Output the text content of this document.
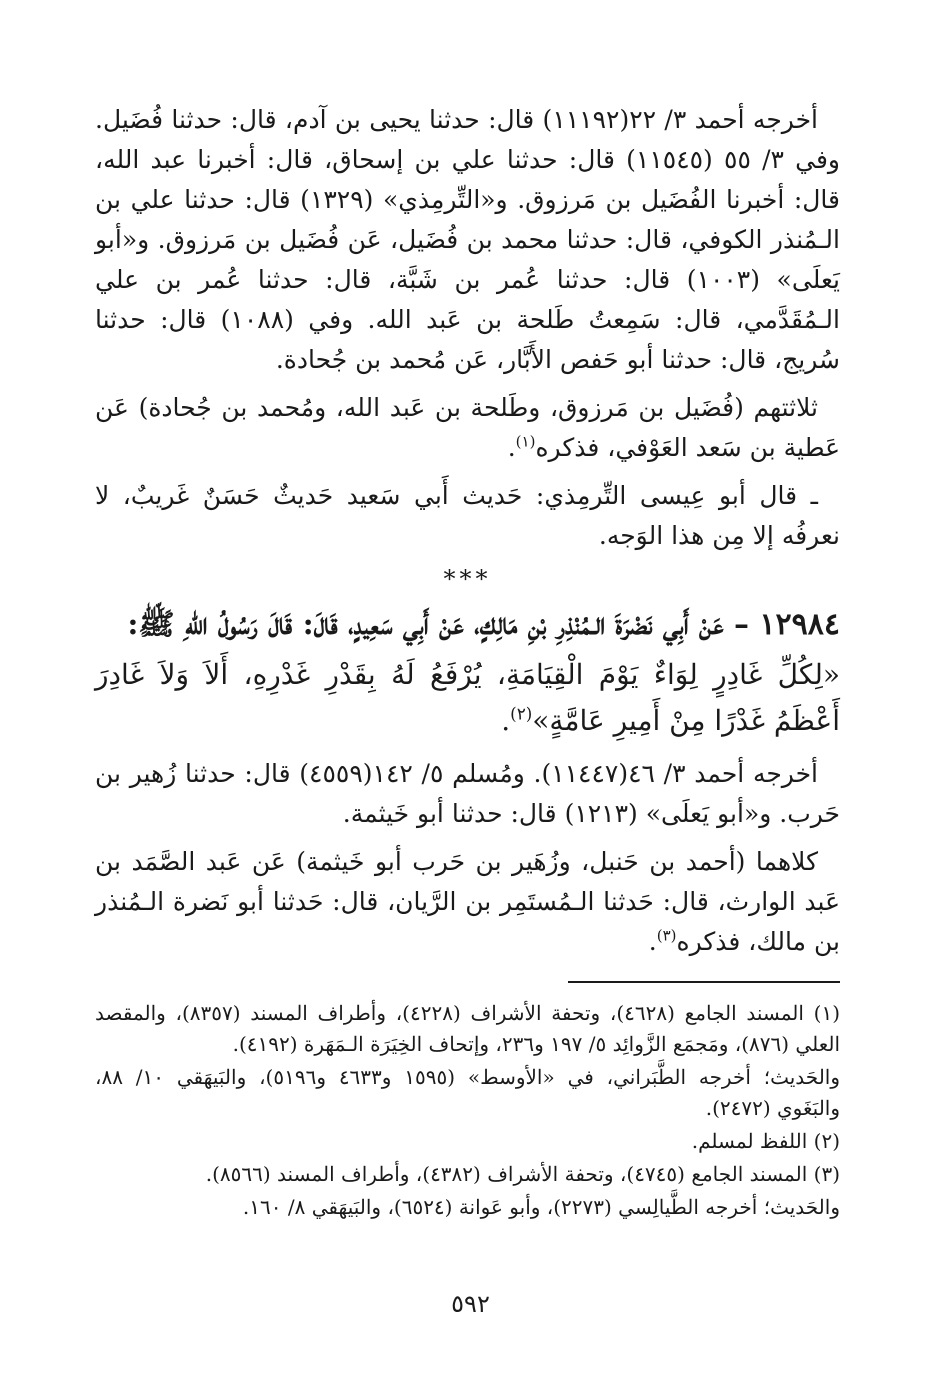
أخرجه أحمد ٣/ ٢٢(١١١٩٢) قال: حدثنا يحيى بن آدم، قال: حدثنا فُضَيل. وفي ٣/ ٥٥ (١١٥٤٥) قال: حدثنا علي بن إسحاق، قال: أخبرنا عبد الله، قال: أخبرنا الفُضَيل بن مَرزوق. و«التِّرمِذي» (١٣٢٩) قال: حدثنا علي بن الـمُنذر الكوفي، قال: حدثنا محمد بن فُضَيل، عَن فُضَيل بن مَرزوق. و«أبو يَعلَى» (١٠٠٣) قال: حدثنا عُمر بن شَبَّة، قال: حدثنا عُمر بن علي الـمُقَدَّمي، قال: سَمِعتُ طَلحة بن عَبد الله. وفي (١٠٨٨) قال: حدثنا سُريج، قال: حدثنا أبو حَفص الأَبَّار، عَن مُحمد بن جُحادة.

ثلاثتهم (فُضَيل بن مَرزوق، وطَلحة بن عَبد الله، ومُحمد بن جُحادة) عَن عَطية بن سَعد العَوْفي، فذكره$^{(١)}$.

ـ قال أبو عِيسى التِّرمِذي: حَديث أَبي سَعيد حَديثٌ حَسَنٌ غَريبٌ، لا نعرفُه إلا مِن هذا الوَجه.

***

١٢٩٨٤ – عَنْ أَبِي نَضْرَةَ الـمُنْذِرِ بْنِ مَالِكٍ، عَنْ أَبِي سَعِيدٍ، قَالَ: قَالَ رَسُولُ اللهِ ﷺ:

«لِكُلِّ غَادِرٍ لِوَاءٌ يَوْمَ الْقِيَامَةِ، يُرْفَعُ لَهُ بِقَدْرِ غَدْرِهِ، أَلاَ وَلاَ غَادِرَ أَعْظَمُ غَدْرًا مِنْ أَمِيرِ عَامَّةٍ»$^{(٢)}$.

أخرجه أحمد ٣/ ٤٦(١١٤٤٧). ومُسلم ٥/ ١٤٢(٤٥٥٩) قال: حدثنا زُهير بن حَرب. و«أبو يَعلَى» (١٢١٣) قال: حدثنا أبو خَيثمة.

كلاهما (أحمد بن حَنبل، وزُهَير بن حَرب أبو خَيثمة) عَن عَبد الصَّمَد بن عَبد الوارث، قال: حَدثنا الـمُستَمِر بن الرَّيان، قال: حَدثنا أبو نَضرة الـمُنذر بن مالك، فذكره$^{(٣)}$.

(١) المسند الجامع (٤٦٢٨)، وتحفة الأشراف (٤٢٢٨)، وأطراف المسند (٨٣٥٧)، والمقصد العلي (٨٧٦)، ومَجمَع الزَّوائِد ٥/ ١٩٧ و٢٣٦، وإتحاف الخِيَرَة الـمَهَرة (٤١٩٢).

والحَديث؛ أخرجه الطَّبَراني، في «الأوسط» (١٥٩٥ و٤٦٣٣ و٥١٩٦)، والبَيهَقي ١٠/ ٨٨، والبَغَوي (٢٤٧٢).

(٢) اللفظ لمسلم.

(٣) المسند الجامع (٤٧٤٥)، وتحفة الأشراف (٤٣٨٢)، وأطراف المسند (٨٥٦٦).

والحَديث؛ أخرجه الطَّيالِسي (٢٢٧٣)، وأبو عَوانة (٦٥٢٤)، والبَيهَقي ٨/ ١٦٠.

٥٩٢
